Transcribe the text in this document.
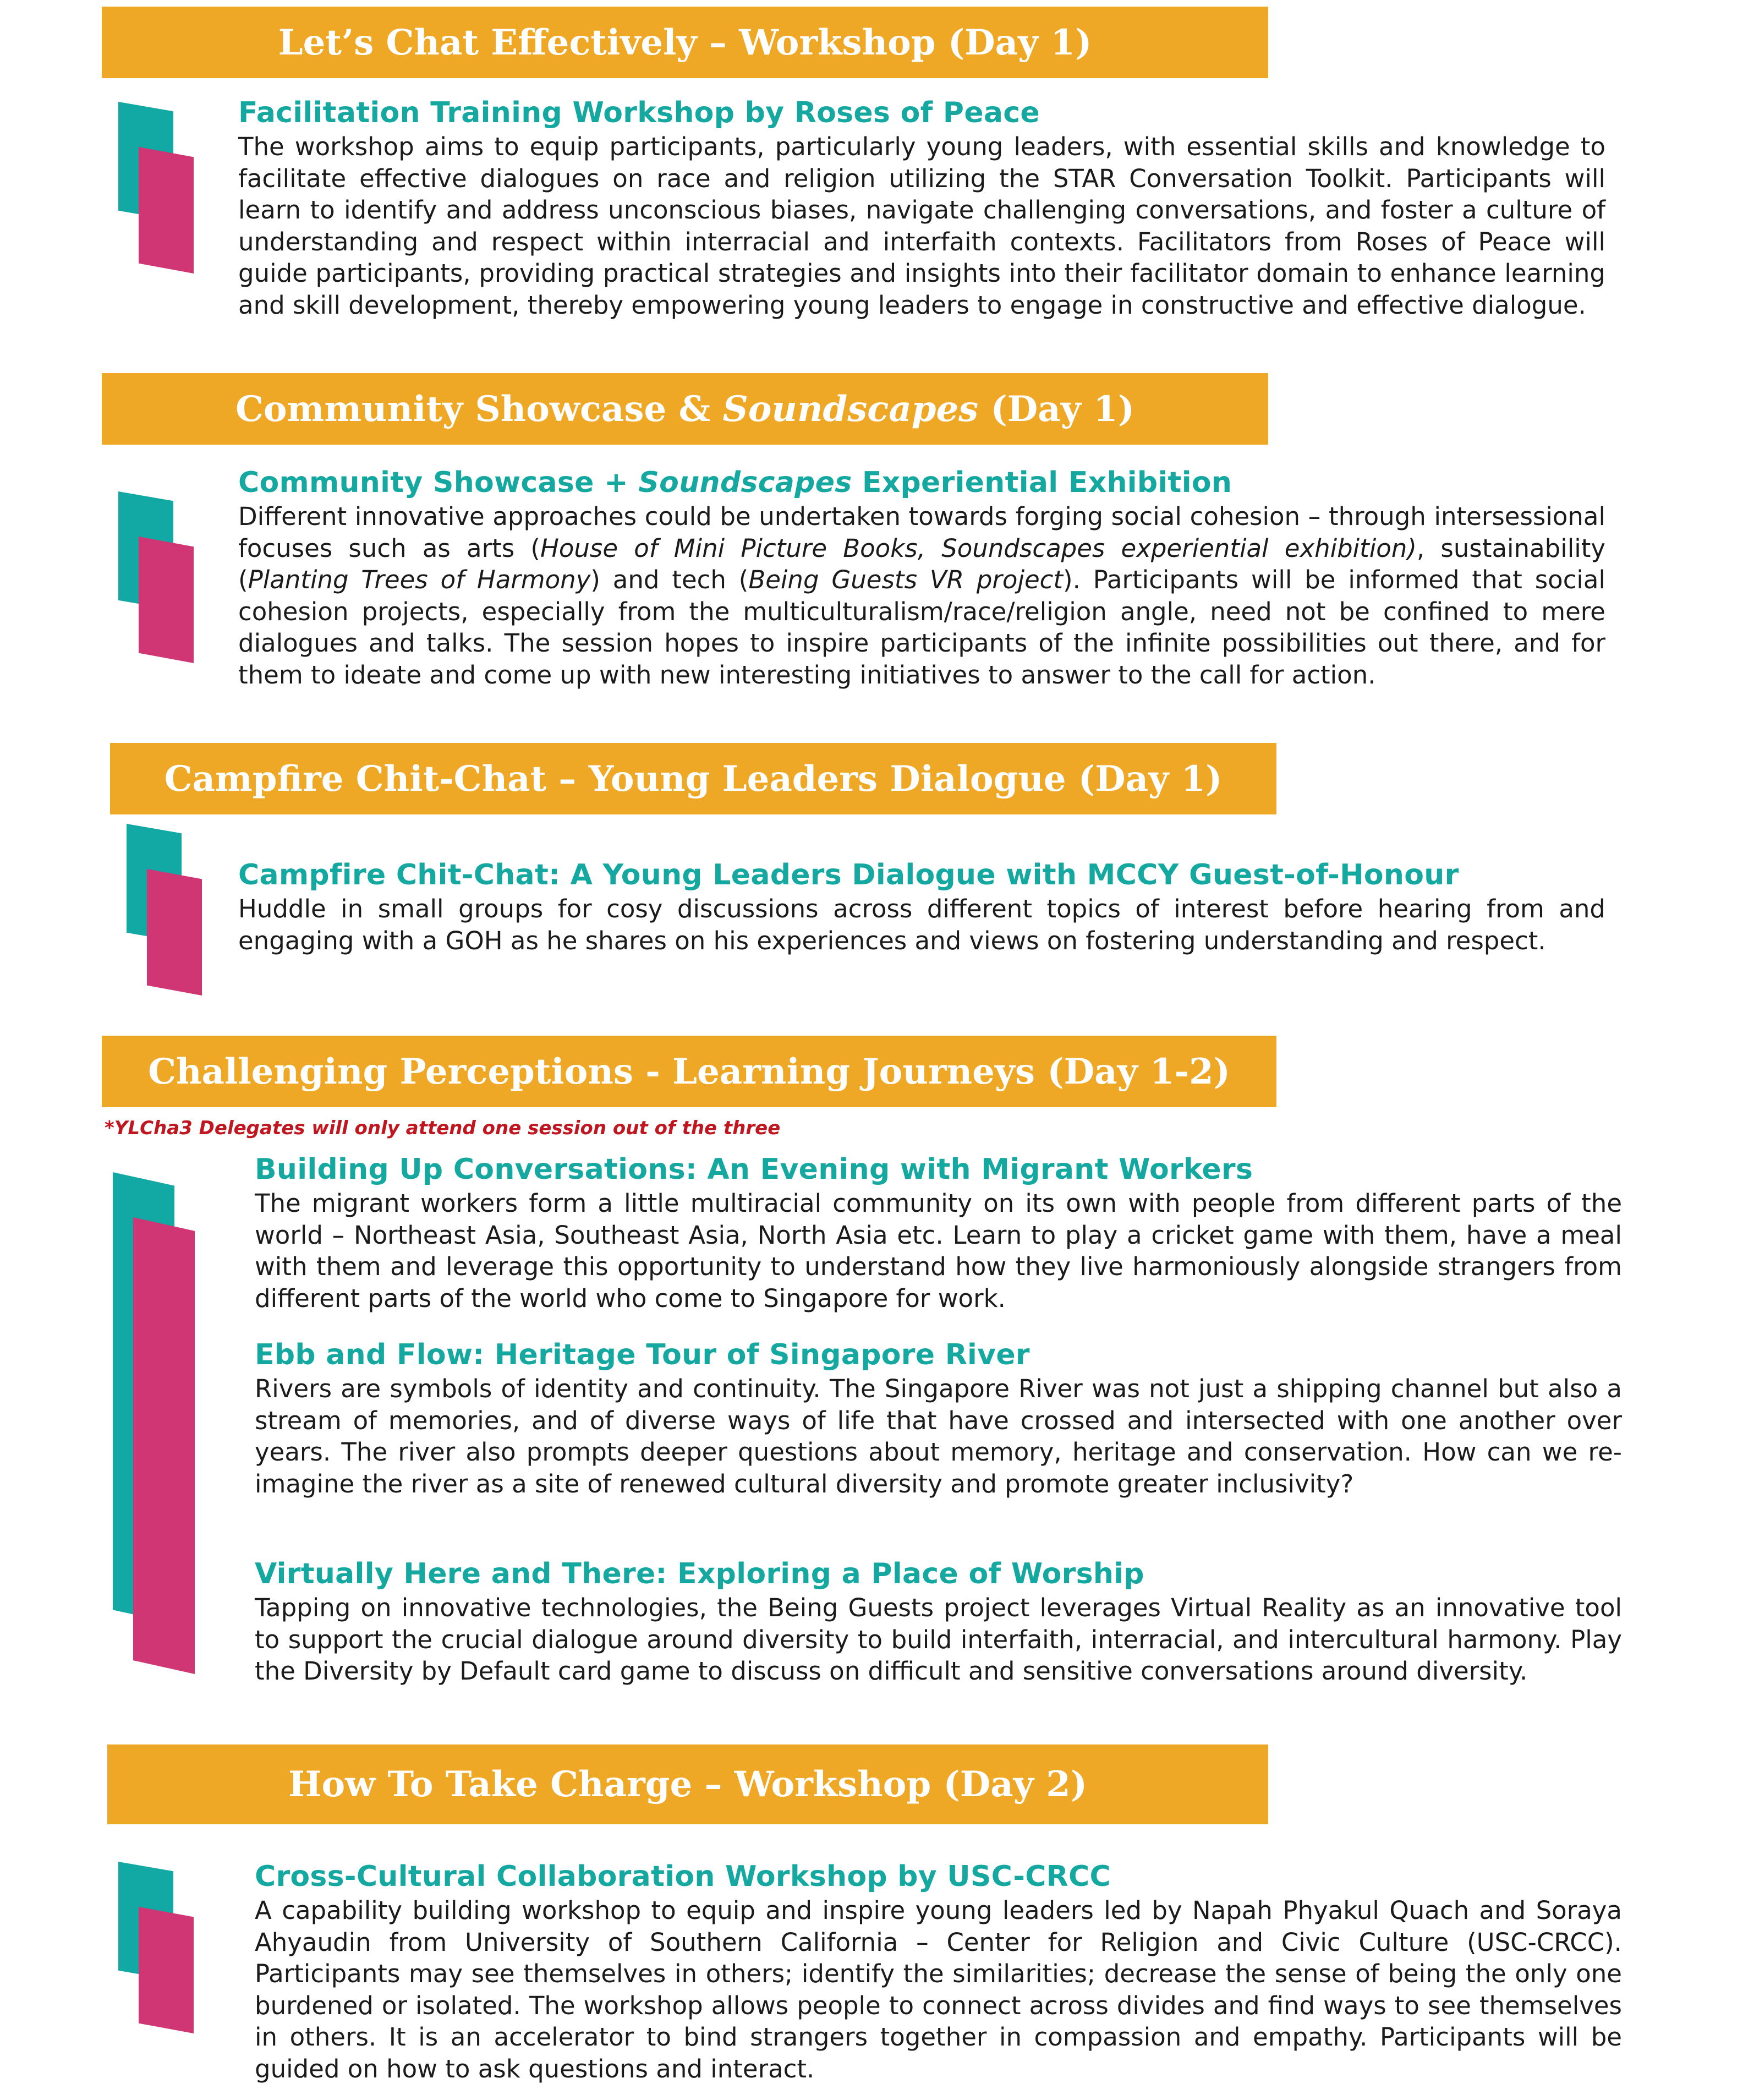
Let’s Chat Effectively – Workshop (Day 1)
Facilitation Training Workshop by Roses of Peace
The workshop aims to equip participants, particularly young leaders, with essential skills and knowledge to facilitate effective dialogues on race and religion utilizing the STAR Conversation Toolkit. Participants will learn to identify and address unconscious biases, navigate challenging conversations, and foster a culture of understanding and respect within interracial and interfaith contexts. Facilitators from Roses of Peace will guide participants, providing practical strategies and insights into their facilitator domain to enhance learning and skill development, thereby empowering young leaders to engage in constructive and effective dialogue.
Community Showcase & Soundscapes (Day 1)
Community Showcase + Soundscapes Experiential Exhibition
Different innovative approaches could be undertaken towards forging social cohesion – through intersessional focuses such as arts (House of Mini Picture Books, Soundscapes experiential exhibition), sustainability (Planting Trees of Harmony) and tech (Being Guests VR project). Participants will be informed that social cohesion projects, especially from the multiculturalism/race/religion angle, need not be confined to mere dialogues and talks. The session hopes to inspire participants of the infinite possibilities out there, and for them to ideate and come up with new interesting initiatives to answer to the call for action.
Campfire Chit-Chat – Young Leaders Dialogue (Day 1)
Campfire Chit-Chat: A Young Leaders Dialogue with MCCY Guest-of-Honour
Huddle in small groups for cosy discussions across different topics of interest before hearing from and engaging with a GOH as he shares on his experiences and views on fostering understanding and respect.
Challenging Perceptions - Learning Journeys (Day 1-2)
*YLCha3 Delegates will only attend one session out of the three
Building Up Conversations: An Evening with Migrant Workers
The migrant workers form a little multiracial community on its own with people from different parts of the world – Northeast Asia, Southeast Asia, North Asia etc. Learn to play a cricket game with them, have a meal with them and leverage this opportunity to understand how they live harmoniously alongside strangers from different parts of the world who come to Singapore for work.
Ebb and Flow: Heritage Tour of Singapore River
Rivers are symbols of identity and continuity. The Singapore River was not just a shipping channel but also a stream of memories, and of diverse ways of life that have crossed and intersected with one another over years. The river also prompts deeper questions about memory, heritage and conservation. How can we re-imagine the river as a site of renewed cultural diversity and promote greater inclusivity?
Virtually Here and There: Exploring a Place of Worship
Tapping on innovative technologies, the Being Guests project leverages Virtual Reality as an innovative tool to support the crucial dialogue around diversity to build interfaith, interracial, and intercultural harmony. Play the Diversity by Default card game to discuss on difficult and sensitive conversations around diversity.
How To Take Charge – Workshop (Day 2)
Cross-Cultural Collaboration Workshop by USC-CRCC
A capability building workshop to equip and inspire young leaders led by Napah Phyakul Quach and Soraya Ahyaudin from University of Southern California – Center for Religion and Civic Culture (USC-CRCC). Participants may see themselves in others; identify the similarities; decrease the sense of being the only one burdened or isolated. The workshop allows people to connect across divides and find ways to see themselves in others. It is an accelerator to bind strangers together in compassion and empathy. Participants will be guided on how to ask questions and interact.
